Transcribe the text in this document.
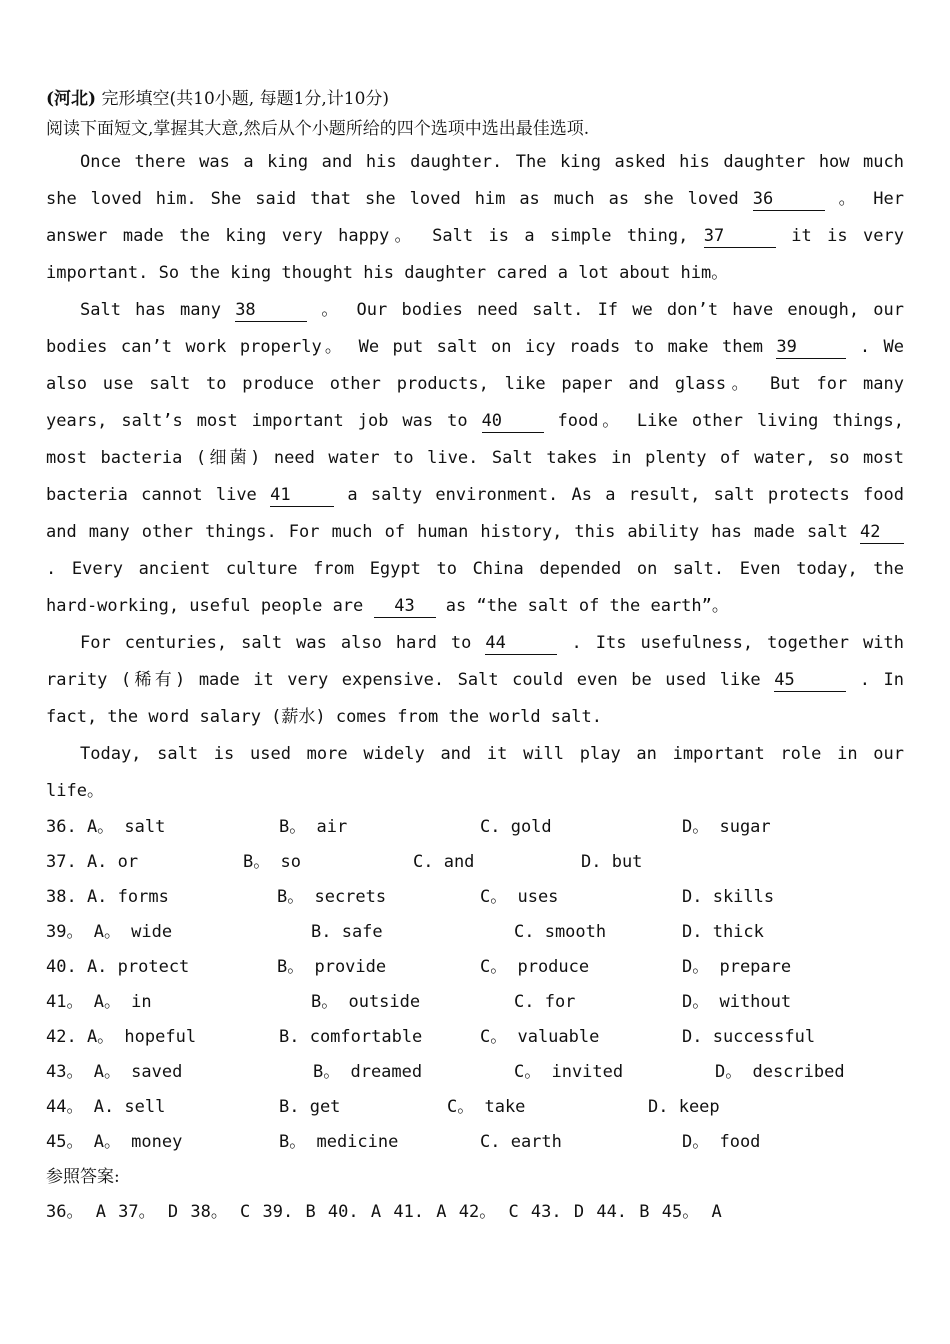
(河北) 完形填空(共10小题, 每题1分,计10分)
阅读下面短文,掌握其大意,然后从个小题所给的四个选项中选出最佳选项.
Once there was a king and his daughter. The king asked his daughter how much
she loved him. She said that she loved him as much as she loved 36	。 Her
answer made the king very happy。 Salt is a simple thing, 37	it is very
important. So the king thought his daughter cared a lot about him。
Salt has many 38	。 Our bodies need salt. If we don’t have enough, our
bodies can’t work properly。 We put salt on icy roads to make them 39	. We
also use salt to produce other products, like paper and glass。 But for many
years, salt’s most important job was to 40	food。 Like other living things,
most bacteria (细菌) need water to live. Salt takes in plenty of water, so most
bacteria cannot live 41	a salty environment. As a result, salt protects food
and many other things. For much of human history, this ability has made salt 42
. Every ancient culture from Egypt to China depended on salt. Even today, the
hard-working, useful people are 43 as “the salt of the earth”。
For centuries, salt was also hard to 44	. Its usefulness, together with
rarity (稀有) made it very expensive. Salt could even be used like 45	. In
fact, the word salary (薪水) comes from the world salt.
Today, salt is used more widely and it will play an important role in our
life。
36. A。 salt	B。 air	C. gold	D。 sugar
37. A. or	B。 so	C. and	D. but
38. A. forms	B。 secrets	C。 uses	D. skills
39。 A。 wide	B. safe	C. smooth	D. thick
40. A. protect	B。 provide	C。 produce	D。 prepare
41。 A。 in	B。 outside	C. for	D。 without
42. A。 hopeful	B. comfortable	C。 valuable	D. successful
43。 A。 saved	B。 dreamed	C。 invited	D。 described
44。 A. sell	B. get	C。 take	D. keep
45。 A。 money	B。 medicine	C. earth	D。 food
参照答案:
36。 A 37。 D 38。 C 39. B 40. A 41. A 42。 C 43. D 44. B 45。 A
